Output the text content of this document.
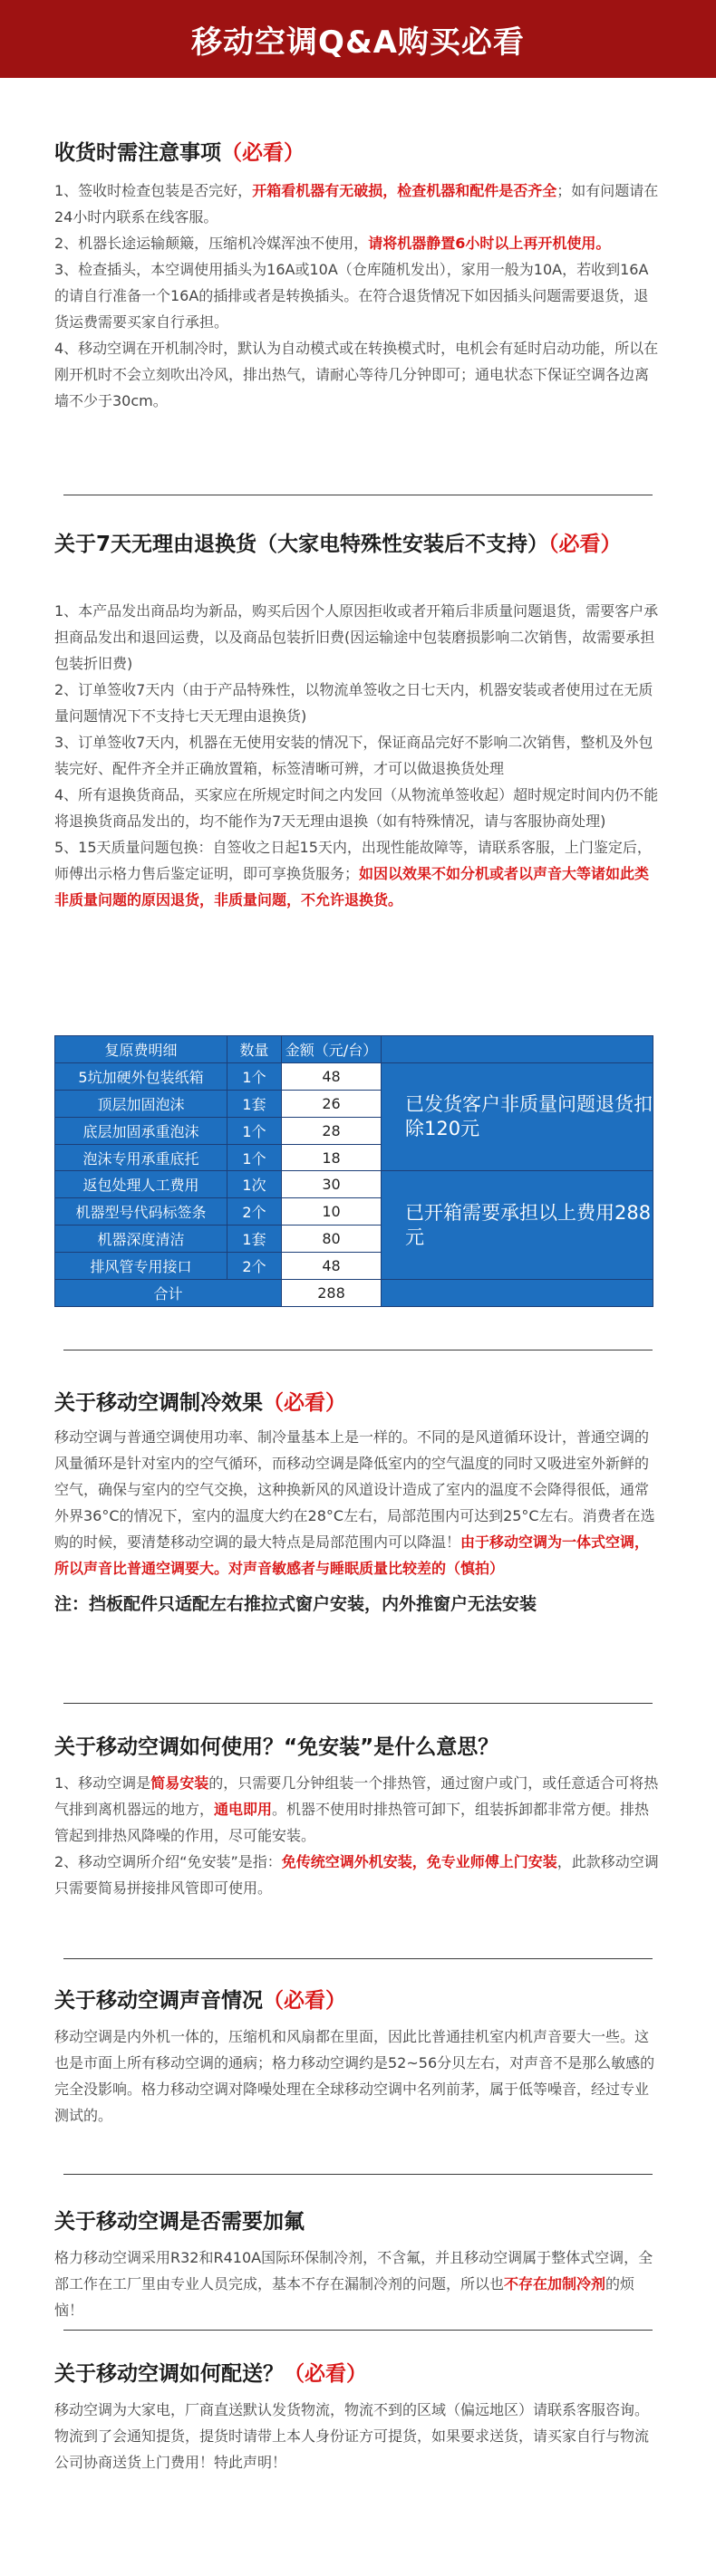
移动空调Q&A购买必看
收货时需注意事项（必看）

1、签收时检查包装是否完好，开箱看机器有无破损，检查机器和配件是否齐全；如有问题请在24小时内联系在线客服。

2、机器长途运输颠簸，压缩机冷媒浑浊不使用，请将机器静置6小时以上再开机使用。

3、检查插头，本空调使用插头为16A或10A（仓库随机发出），家用一般为10A，若收到16A的请自行准备一个16A的插排或者是转换插头。在符合退货情况下如因插头问题需要退货，退货运费需要买家自行承担。

4、移动空调在开机制冷时，默认为自动模式或在转换模式时，电机会有延时启动功能，所以在刚开机时不会立刻吹出冷风，排出热气，请耐心等待几分钟即可；通电状态下保证空调各边离墙不少于30cm。

关于7天无理由退换货（大家电特殊性安装后不支持）（必看）

1、本产品发出商品均为新品，购买后因个人原因拒收或者开箱后非质量问题退货，需要客户承担商品发出和退回运费，以及商品包装折旧费(因运输途中包装磨损影响二次销售，故需要承担包装折旧费)

2、订单签收7天内（由于产品特殊性，以物流单签收之日七天内，机器安装或者使用过在无质量问题情况下不支持七天无理由退换货)

3、订单签收7天内，机器在无使用安装的情况下，保证商品完好不影响二次销售，整机及外包装完好、配件齐全并正确放置箱，标签清晰可辨，才可以做退换货处理

4、所有退换货商品，买家应在所规定时间之内发回（从物流单签收起）超时规定时间内仍不能将退换货商品发出的，均不能作为7天无理由退换（如有特殊情况，请与客服协商处理)

5、15天质量问题包换：自签收之日起15天内，出现性能故障等，请联系客服，上门鉴定后，师傅出示格力售后鉴定证明，即可享换货服务；如因以效果不如分机或者以声音大等诸如此类非质量问题的原因退货，非质量问题，不允许退换货。

复原费明细	数量	金额（元/台）	
5坑加硬外包装纸箱	1个	48	已发货客户非质量问题退货扣除120元
顶层加固泡沫	1套	26	
底层加固承重泡沫	1个	28	
泡沫专用承重底托	1个	18	
返包处理人工费用	1次	30	已开箱需要承担以上费用288元
机器型号代码标签条	2个	10	
机器深度清洁	1套	80	
排风管专用接口	2个	48	
合计		288	
关于移动空调制冷效果（必看）

移动空调与普通空调使用功率、制冷量基本上是一样的。不同的是风道循环设计，普通空调的风量循环是针对室内的空气循环，而移动空调是降低室内的空气温度的同时又吸进室外新鲜的空气，确保与室内的空气交换，这种换新风的风道设计造成了室内的温度不会降得很低，通常外界36°C的情况下，室内的温度大约在28°C左右，局部范围内可达到25°C左右。消费者在选购的时候，要清楚移动空调的最大特点是局部范围内可以降温！由于移动空调为一体式空调，所以声音比普通空调要大。对声音敏感者与睡眠质量比较差的（慎拍）

注：挡板配件只适配左右推拉式窗户安装，内外推窗户无法安装

关于移动空调如何使用？“免安装”是什么意思？

1、移动空调是简易安装的，只需要几分钟组装一个排热管，通过窗户或门，或任意适合可将热气排到离机器远的地方，通电即用。机器不使用时排热管可卸下，组装拆卸都非常方便。排热管起到排热风降噪的作用，尽可能安装。

2、移动空调所介绍“免安装”是指：免传统空调外机安装，免专业师傅上门安装，此款移动空调只需要简易拼接排风管即可使用。

关于移动空调声音情况（必看）

移动空调是内外机一体的，压缩机和风扇都在里面，因此比普通挂机室内机声音要大一些。这也是市面上所有移动空调的通病；格力移动空调约是52~56分贝左右，对声音不是那么敏感的完全没影响。格力移动空调对降噪处理在全球移动空调中名列前茅，属于低等噪音，经过专业测试的。

关于移动空调是否需要加氟

格力移动空调采用R32和R410A国际环保制冷剂，不含氟，并且移动空调属于整体式空调，全部工作在工厂里由专业人员完成，基本不存在漏制冷剂的问题，所以也不存在加制冷剂的烦恼！

关于移动空调如何配送？（必看）

移动空调为大家电，厂商直送默认发货物流，物流不到的区域（偏远地区）请联系客服咨询。物流到了会通知提货，提货时请带上本人身份证方可提货，如果要求送货，请买家自行与物流公司协商送货上门费用！特此声明！
